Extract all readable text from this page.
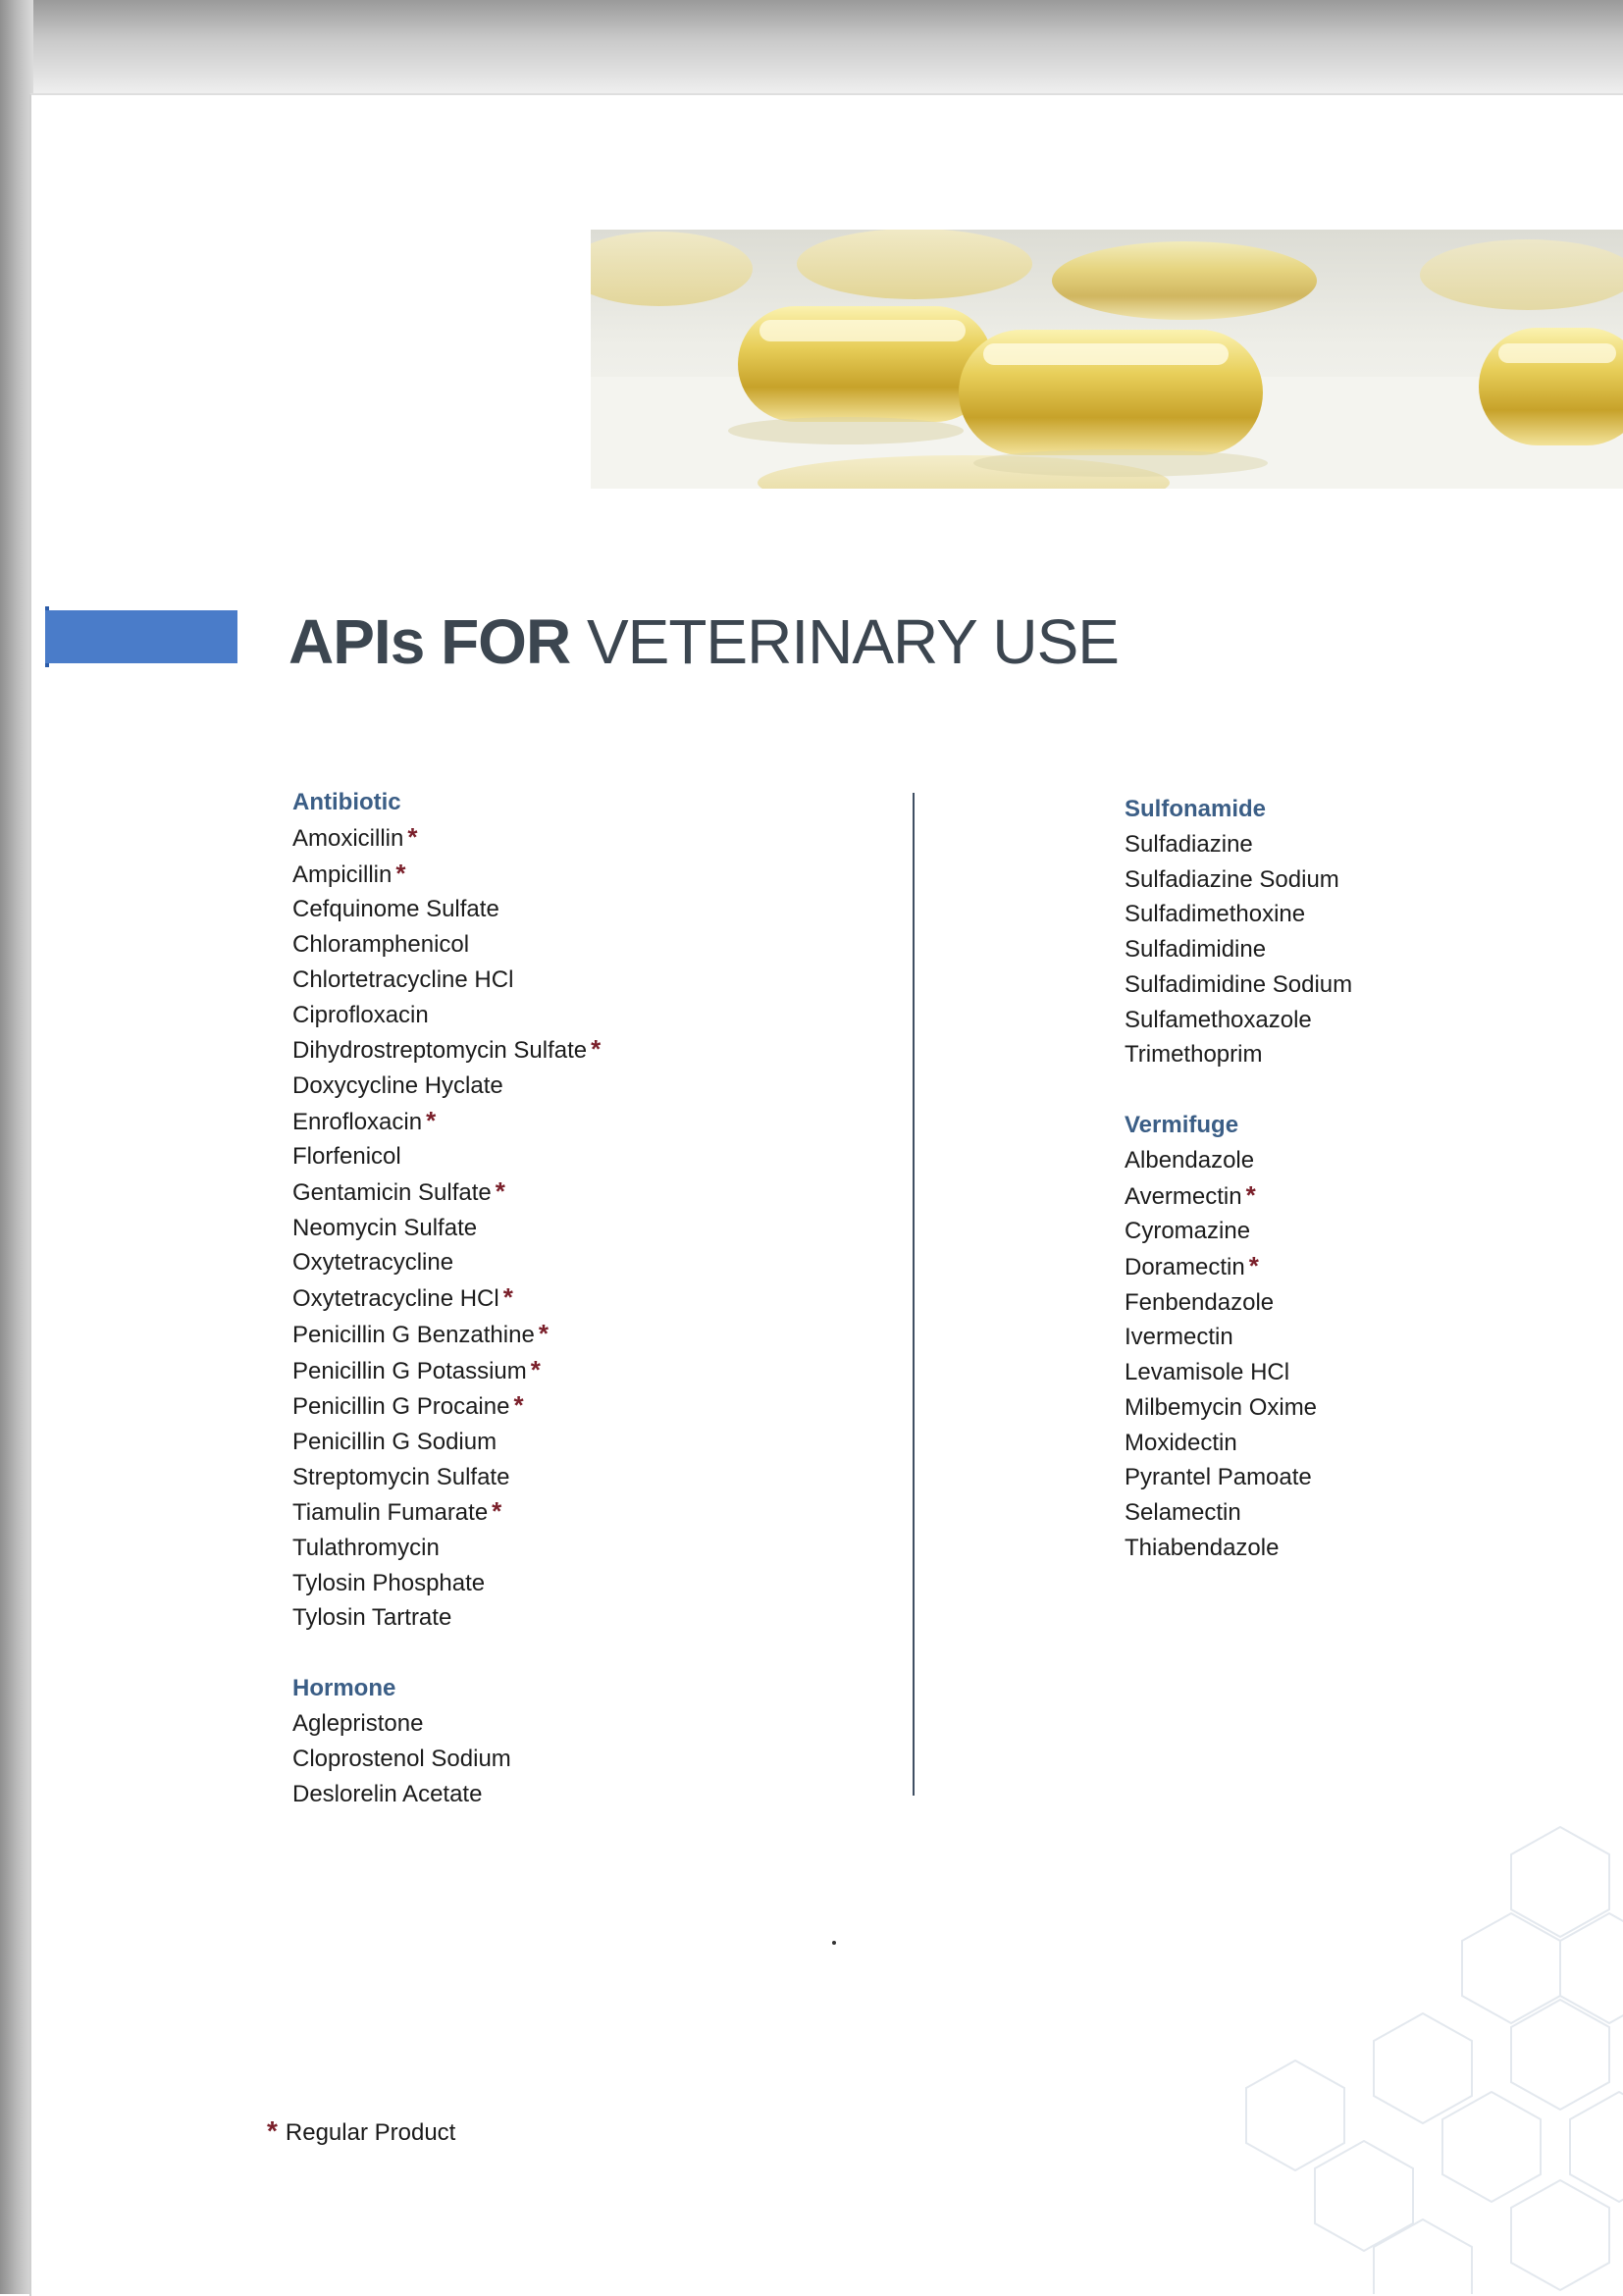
APIs FOR VETERINARY USE
Antibiotic
Amoxicillin *
Ampicillin *
Cefquinome Sulfate
Chloramphenicol
Chlortetracycline HCl
Ciprofloxacin
Dihydrostreptomycin Sulfate *
Doxycycline Hyclate
Enrofloxacin *
Florfenicol
Gentamicin Sulfate *
Neomycin Sulfate
Oxytetracycline
Oxytetracycline HCl *
Penicillin G Benzathine *
Penicillin G Potassium *
Penicillin G Procaine *
Penicillin G Sodium
Streptomycin Sulfate
Tiamulin Fumarate *
Tulathromycin
Tylosin Phosphate
Tylosin Tartrate
Hormone
Aglepristone
Cloprostenol Sodium
Deslorelin Acetate
Sulfonamide
Sulfadiazine
Sulfadiazine Sodium
Sulfadimethoxine
Sulfadimidine
Sulfadimidine Sodium
Sulfamethoxazole
Trimethoprim
Vermifuge
Albendazole
Avermectin *
Cyromazine
Doramectin *
Fenbendazole
Ivermectin
Levamisole HCl
Milbemycin Oxime
Moxidectin
Pyrantel Pamoate
Selamectin
Thiabendazole
* Regular Product
